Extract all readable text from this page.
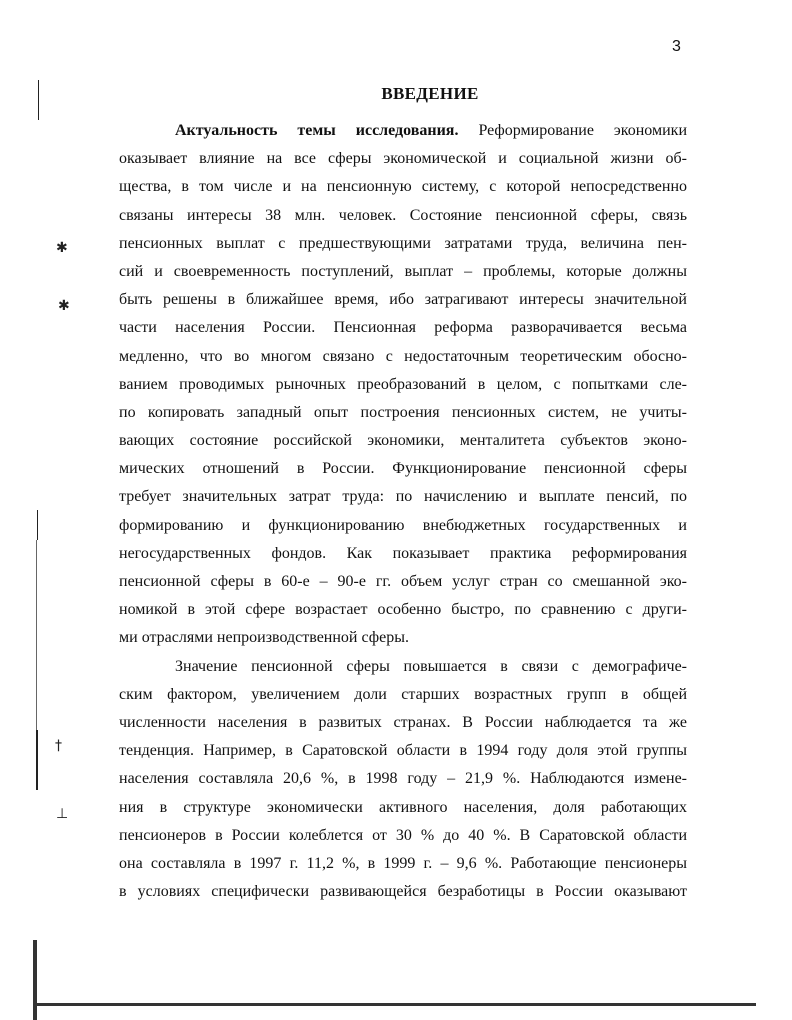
3
ВВЕДЕНИЕ
Актуальность темы исследования. Реформирование экономики
оказывает влияние на все сферы экономической и социальной жизни об-
щества, в том числе и на пенсионную систему, с которой непосредственно
связаны интересы 38 млн. человек. Состояние пенсионной сферы, связь
пенсионных выплат с предшествующими затратами труда, величина пен-
сий и своевременность поступлений, выплат – проблемы, которые должны
быть решены в ближайшее время, ибо затрагивают интересы значительной
части населения России. Пенсионная реформа разворачивается весьма
медленно, что во многом связано с недостаточным теоретическим обосно-
ванием проводимых рыночных преобразований в целом, с попытками сле-
по копировать западный опыт построения пенсионных систем, не учиты-
вающих состояние российской экономики, менталитета субъектов эконо-
мических отношений в России. Функционирование пенсионной сферы
требует значительных затрат труда: по начислению и выплате пенсий, по
формированию и функционированию внебюджетных государственных и
негосударственных фондов. Как показывает практика реформирования
пенсионной сферы в 60-е – 90-е гг. объем услуг стран со смешанной эко-
номикой в этой сфере возрастает особенно быстро, по сравнению с други-
ми отраслями непроизводственной сферы.
Значение пенсионной сферы повышается в связи с демографиче-
ским фактором, увеличением доли старших возрастных групп в общей
численности населения в развитых странах. В России наблюдается та же
тенденция. Например, в Саратовской области в 1994 году доля этой группы
населения составляла 20,6 %, в 1998 году – 21,9 %. Наблюдаются измене-
ния в структуре экономически активного населения, доля работающих
пенсионеров в России колеблется от 30 % до 40 %. В Саратовской области
она составляла в 1997 г. 11,2 %, в 1999 г. – 9,6 %. Работающие пенсионеры
в условиях специфически развивающейся безработицы в России оказывают
✱
✱
†
⊥
